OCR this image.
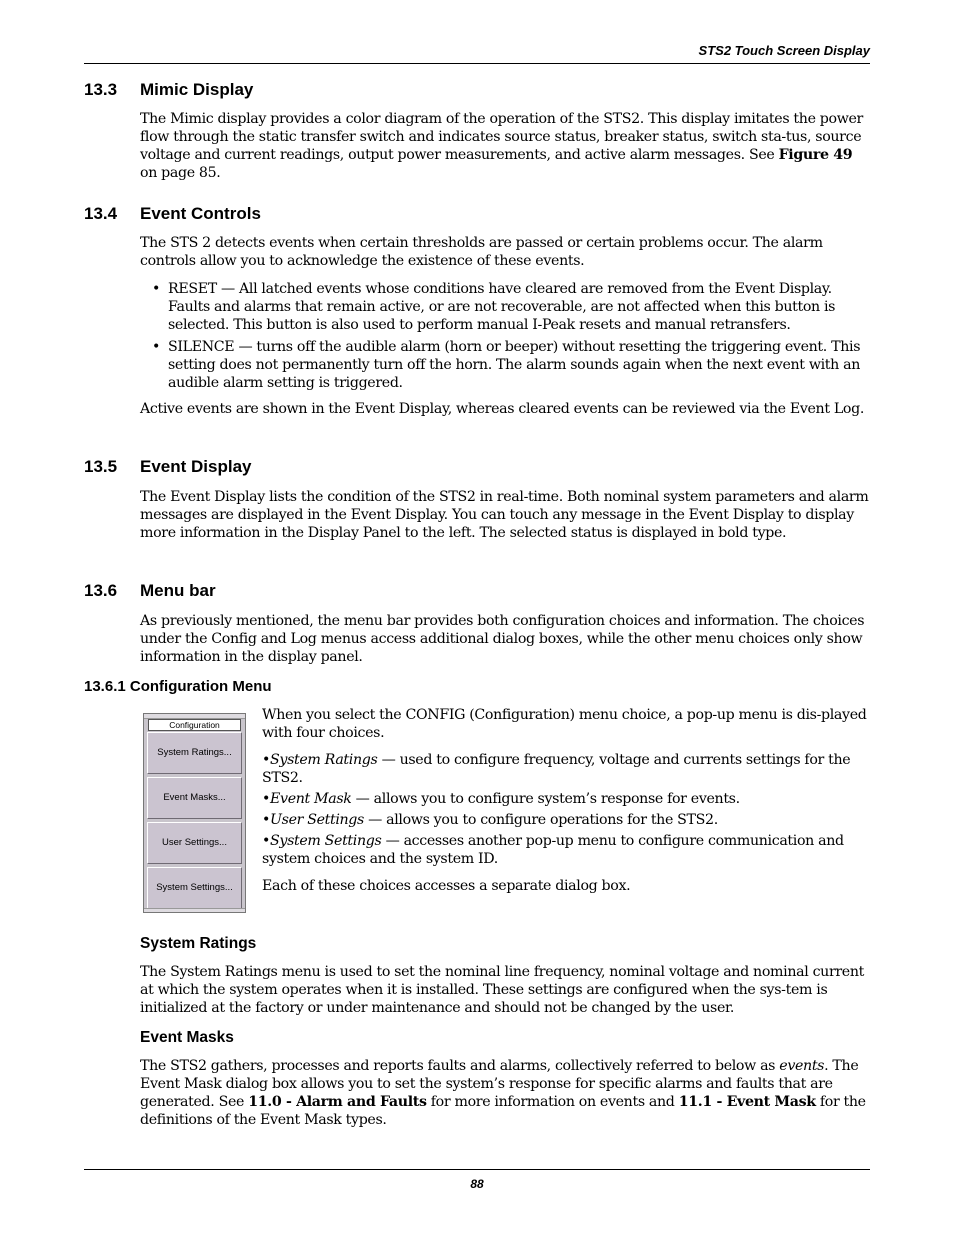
STS2 Touch Screen Display
13.3 Mimic Display

The Mimic display provides a color diagram of the operation of the STS2. This display imitates the power flow through the static transfer switch and indicates source status, breaker status, switch sta-tus, source voltage and current readings, output power measurements, and active alarm messages. See Figure 49 on page 85.

13.4 Event Controls

The STS 2 detects events when certain thresholds are passed or certain problems occur. The alarm controls allow you to acknowledge the existence of these events.

• RESET — All latched events whose conditions have cleared are removed from the Event Display. Faults and alarms that remain active, or are not recoverable, are not affected when this button is selected. This button is also used to perform manual I-Peak resets and manual retransfers.
• SILENCE — turns off the audible alarm (horn or beeper) without resetting the triggering event. This setting does not permanently turn off the horn. The alarm sounds again when the next event with an audible alarm setting is triggered.

Active events are shown in the Event Display, whereas cleared events can be reviewed via the Event Log.

13.5 Event Display

The Event Display lists the condition of the STS2 in real-time. Both nominal system parameters and alarm messages are displayed in the Event Display. You can touch any message in the Event Display to display more information in the Display Panel to the left. The selected status is displayed in bold type.

13.6 Menu bar

As previously mentioned, the menu bar provides both configuration choices and information. The choices under the Config and Log menus access additional dialog boxes, while the other menu choices only show information in the display panel.

13.6.1 Configuration Menu
Configuration
System Ratings...
Event Masks...
User Settings...
System Settings...

When you select the CONFIG (Configuration) menu choice, a pop-up menu is dis-played with four choices.

•System Ratings — used to configure frequency, voltage and currents settings for the STS2.

•Event Mask — allows you to configure system’s response for events.

•User Settings — allows you to configure operations for the STS2.

•System Settings — accesses another pop-up menu to configure communication and system choices and the system ID.

Each of these choices accesses a separate dialog box.

System Ratings

The System Ratings menu is used to set the nominal line frequency, nominal voltage and nominal current at which the system operates when it is installed. These settings are configured when the sys-tem is initialized at the factory or under maintenance and should not be changed by the user.

Event Masks

The STS2 gathers, processes and reports faults and alarms, collectively referred to below as events. The Event Mask dialog box allows you to set the system’s response for specific alarms and faults that are generated. See 11.0 - Alarm and Faults for more information on events and 11.1 - Event Mask for the definitions of the Event Mask types.

88
